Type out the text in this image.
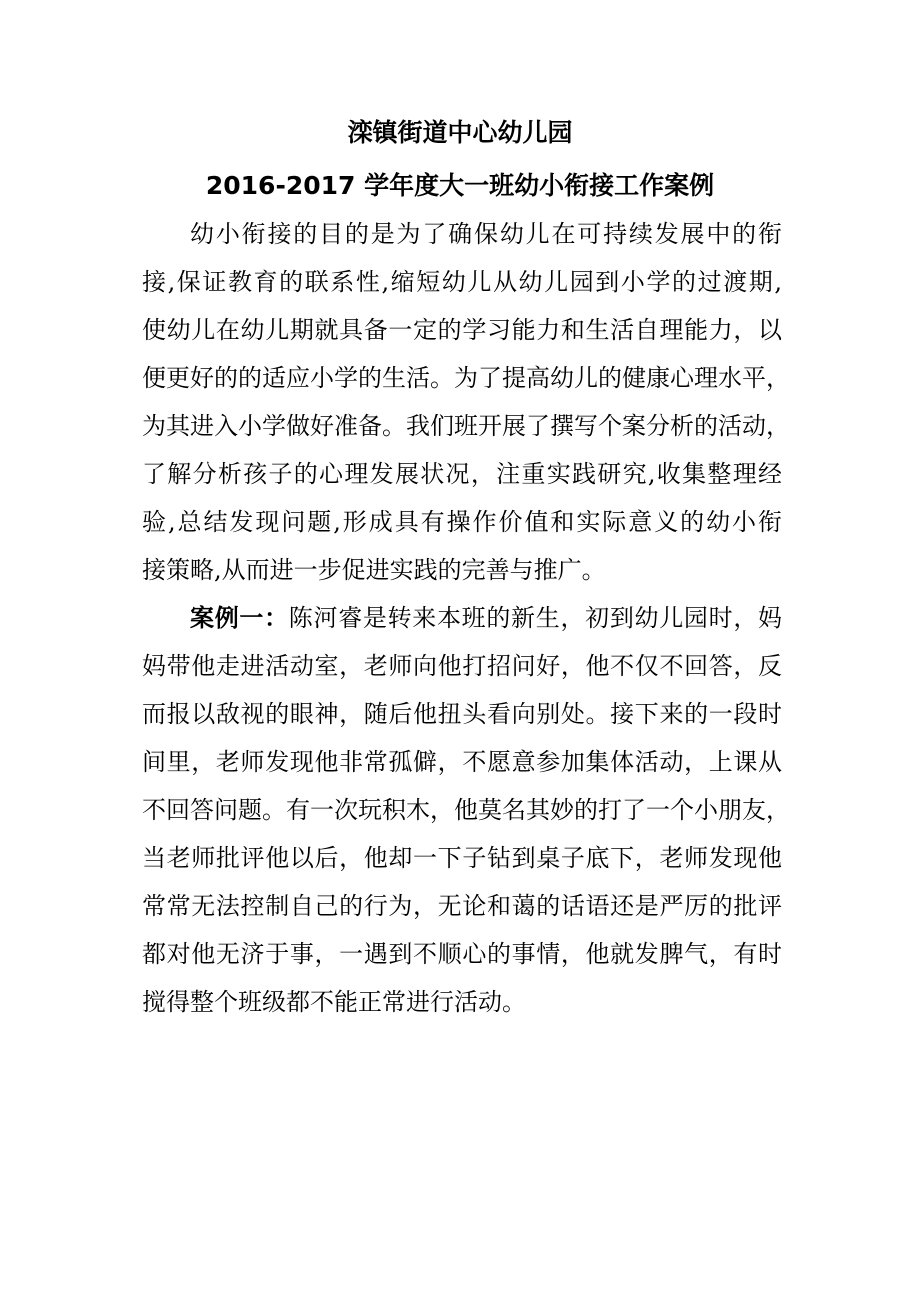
滦镇街道中心幼儿园
2016-2017 学年度大一班幼小衔接工作案例
幼小衔接的目的是为了确保幼儿在可持续发展中的衔
接,保证教育的联系性,缩短幼儿从幼儿园到小学的过渡期,
使幼儿在幼儿期就具备一定的学习能力和生活自理能力，以
便更好的的适应小学的生活。为了提高幼儿的健康心理水平，
为其进入小学做好准备。我们班开展了撰写个案分析的活动，
了解分析孩子的心理发展状况，注重实践研究,收集整理经
验,总结发现问题,形成具有操作价值和实际意义的幼小衔
接策略,从而进一步促进实践的完善与推广。
案例一：陈河睿是转来本班的新生，初到幼儿园时，妈
妈带他走进活动室，老师向他打招问好，他不仅不回答，反
而报以敌视的眼神，随后他扭头看向别处。接下来的一段时
间里，老师发现他非常孤僻，不愿意参加集体活动，上课从
不回答问题。有一次玩积木，他莫名其妙的打了一个小朋友，
当老师批评他以后，他却一下子钻到桌子底下，老师发现他
常常无法控制自己的行为，无论和蔼的话语还是严厉的批评
都对他无济于事，一遇到不顺心的事情，他就发脾气，有时
搅得整个班级都不能正常进行活动。
